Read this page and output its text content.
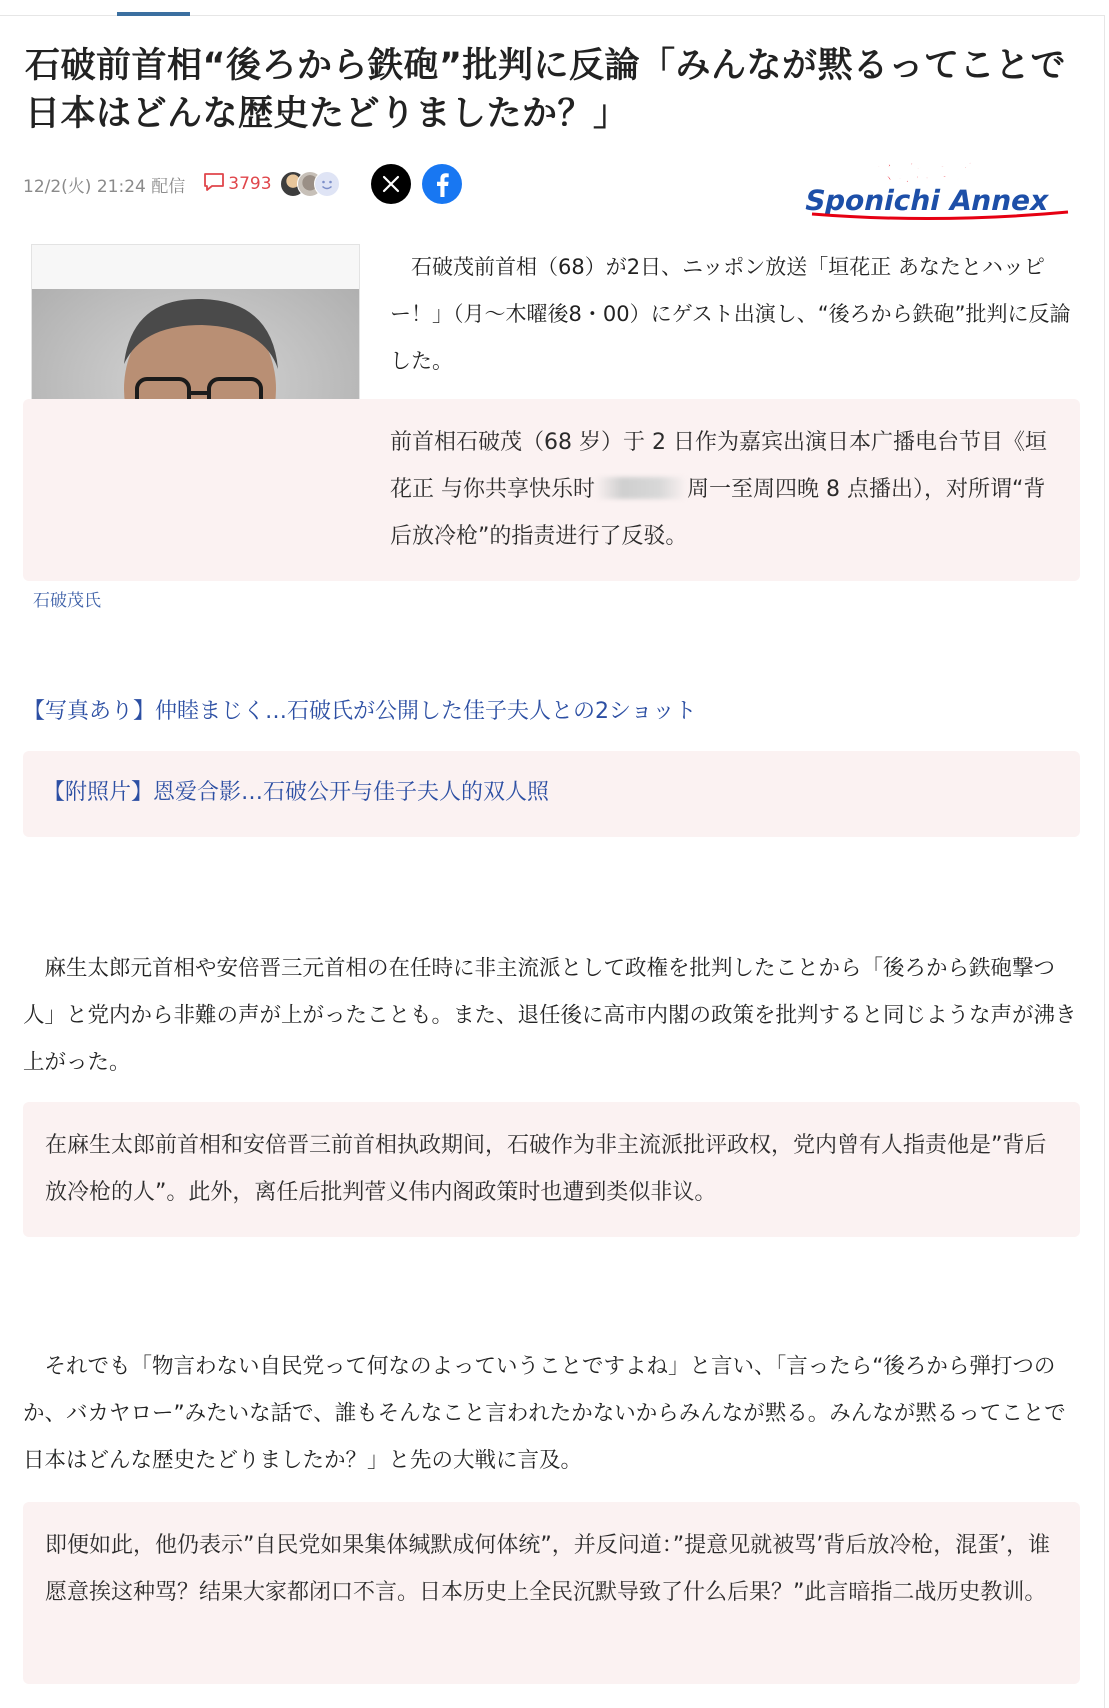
石破前首相“後ろから鉄砲”批判に反論「みんなが黙るってことで日本はどんな歴史たどりましたか？」
12/2(火) 21:24 配信	3793	スポニチ
Sponichi Annex
石破茂氏

石破茂前首相（68）が2日、ニッポン放送「垣花正 あなたとハッピー！」（月～木曜後8・00）にゲスト出演し、“後ろから鉄砲”批判に反論した。

前首相石破茂（68 岁）于 2 日作为嘉宾出演日本广播电台节目《垣花正 与你共享快乐时	周一至周四晚 8 点播出），对所谓“背后放冷枪”的指责进行了反驳。

【写真あり】仲睦まじく…石破氏が公開した佳子夫人との2ショット

【附照片】恩爱合影…石破公开与佳子夫人的双人照

麻生太郎元首相や安倍晋三元首相の在任時に非主流派として政権を批判したことから「後ろから鉄砲撃つ人」と党内から非難の声が上がったことも。また、退任後に高市内閣の政策を批判すると同じような声が沸き上がった。

在麻生太郎前首相和安倍晋三前首相执政期间，石破作为非主流派批评政权，党内曾有人指责他是”背后放冷枪的人”。此外，离任后批判菅义伟内阁政策时也遭到类似非议。

それでも「物言わない自民党って何なのよっていうことですよね」と言い、「言ったら“後ろから弾打つのか、バカヤロー”みたいな話で、誰もそんなこと言われたかないからみんなが黙る。みんなが黙るってことで日本はどんな歴史たどりましたか？」と先の大戦に言及。

即便如此，他仍表示”自民党如果集体缄默成何体统”，并反问道：”提意见就被骂’背后放冷枪，混蛋’，谁愿意挨这种骂？结果大家都闭口不言。日本历史上全民沉默导致了什么后果？”此言暗指二战历史教训。
